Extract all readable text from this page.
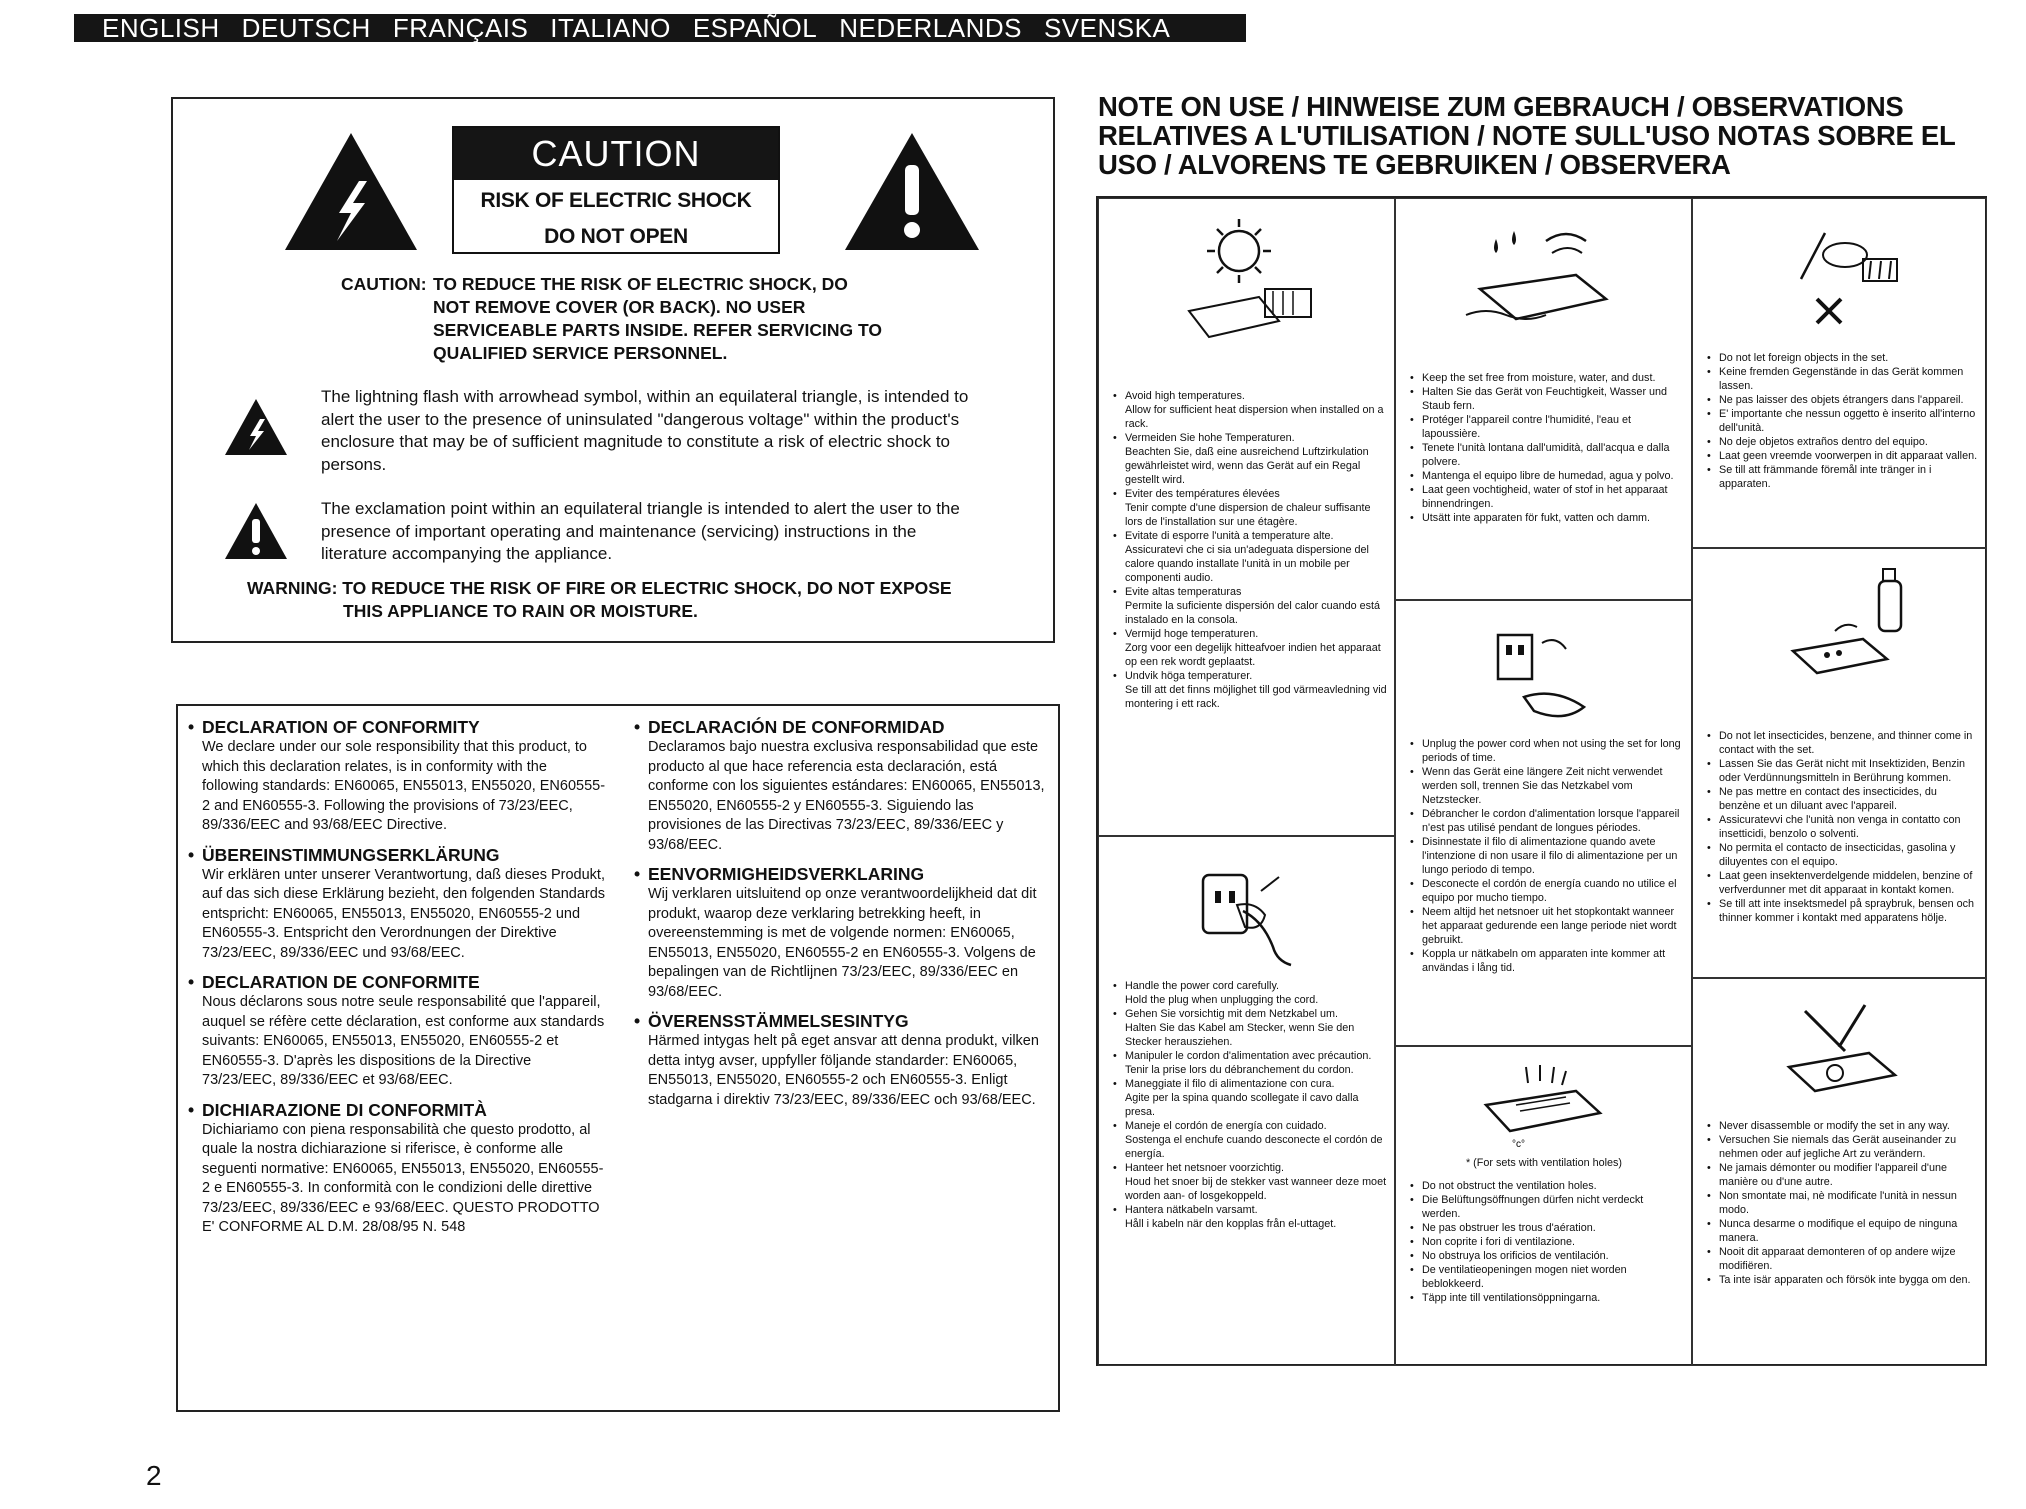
ENGLISH DEUTSCH FRANÇAIS ITALIANO ESPAÑOL NEDERLANDS SVENSKA
CAUTION
RISK OF ELECTRIC SHOCK
DO NOT OPEN
CAUTION: TO REDUCE THE RISK OF ELECTRIC SHOCK, DO NOT REMOVE COVER (OR BACK). NO USER SERVICEABLE PARTS INSIDE. REFER SERVICING TO QUALIFIED SERVICE PERSONNEL.
The lightning flash with arrowhead symbol, within an equilateral triangle, is intended to alert the user to the presence of uninsulated "dangerous voltage" within the product's enclosure that may be of sufficient magnitude to constitute a risk of electric shock to persons.
The exclamation point within an equilateral triangle is intended to alert the user to the presence of important operating and maintenance (servicing) instructions in the literature accompanying the appliance.
WARNING: TO REDUCE THE RISK OF FIRE OR ELECTRIC SHOCK, DO NOT EXPOSE
THIS APPLIANCE TO RAIN OR MOISTURE.
• DECLARATION OF CONFORMITY

We declare under our sole responsibility that this product, to which this declaration relates, is in conformity with the following standards: EN60065, EN55013, EN55020, EN60555-2 and EN60555-3. Following the provisions of 73/23/EEC, 89/336/EEC and 93/68/EEC Directive.

• ÜBEREINSTIMMUNGSERKLÄRUNG

Wir erklären unter unserer Verantwortung, daß dieses Produkt, auf das sich diese Erklärung bezieht, den folgenden Standards entspricht: EN60065, EN55013, EN55020, EN60555-2 und EN60555-3. Entspricht den Verordnungen der Direktive 73/23/EEC, 89/336/EEC und 93/68/EEC.

• DECLARATION DE CONFORMITE

Nous déclarons sous notre seule responsabilité que l'appareil, auquel se réfère cette déclaration, est conforme aux standards suivants: EN60065, EN55013, EN55020, EN60555-2 et EN60555-3. D'après les dispositions de la Directive 73/23/EEC, 89/336/EEC et 93/68/EEC.

• DICHIARAZIONE DI CONFORMITÀ

Dichiariamo con piena responsabilità che questo prodotto, al quale la nostra dichiarazione si riferisce, è conforme alle seguenti normative: EN60065, EN55013, EN55020, EN60555-2 e EN60555-3. In conformità con le condizioni delle direttive 73/23/EEC, 89/336/EEC e 93/68/EEC. QUESTO PRODOTTO E' CONFORME AL D.M. 28/08/95 N. 548

• DECLARACIÓN DE CONFORMIDAD

Declaramos bajo nuestra exclusiva responsabilidad que este producto al que hace referencia esta declaración, está conforme con los siguientes estándares: EN60065, EN55013, EN55020, EN60555-2 y EN60555-3. Siguiendo las provisiones de las Directivas 73/23/EEC, 89/336/EEC y 93/68/EEC.

• EENVORMIGHEIDSVERKLARING

Wij verklaren uitsluitend op onze verantwoordelijkheid dat dit produkt, waarop deze verklaring betrekking heeft, in overeenstemming is met de volgende normen: EN60065, EN55013, EN55020, EN60555-2 en EN60555-3. Volgens de bepalingen van de Richtlijnen 73/23/EEC, 89/336/EEC en 93/68/EEC.

• ÖVERENSSTÄMMELSESINTYG

Härmed intygas helt på eget ansvar att denna produkt, vilken detta intyg avser, uppfyller följande standarder: EN60065, EN55013, EN55020, EN60555-2 och EN60555-3. Enligt stadgarna i direktiv 73/23/EEC, 89/336/EEC och 93/68/EEC.

NOTE ON USE / HINWEISE ZUM GEBRAUCH / OBSERVATIONS RELATIVES A L'UTILISATION / NOTE SULL'USO NOTAS SOBRE EL USO / ALVORENS TE GEBRUIKEN / OBSERVERA
• Avoid high temperatures.
Allow for sufficient heat dispersion when installed on a rack.
• Vermeiden Sie hohe Temperaturen.
Beachten Sie, daß eine ausreichend Luftzirkulation gewährleistet wird, wenn das Gerät auf ein Regal gestellt wird.
• Eviter des températures élevées
Tenir compte d'une dispersion de chaleur suffisante lors de l'installation sur une étagère.
• Evitate di esporre l'unità a temperature alte.
Assicuratevi che ci sia un'adeguata dispersione del calore quando installate l'unità in un mobile per componenti audio.
• Evite altas temperaturas
Permite la suficiente dispersión del calor cuando está instalado en la consola.
• Vermijd hoge temperaturen.
Zorg voor een degelijk hitteafvoer indien het apparaat op een rek wordt geplaatst.
• Undvik höga temperaturer.
Se till att det finns möjlighet till god värmeavledning vid montering i ett rack.
• Handle the power cord carefully.
Hold the plug when unplugging the cord.
• Gehen Sie vorsichtig mit dem Netzkabel um.
Halten Sie das Kabel am Stecker, wenn Sie den Stecker herausziehen.
• Manipuler le cordon d'alimentation avec précaution.
Tenir la prise lors du débranchement du cordon.
• Maneggiate il filo di alimentazione con cura.
Agite per la spina quando scollegate il cavo dalla presa.
• Maneje el cordón de energía con cuidado.
Sostenga el enchufe cuando desconecte el cordón de energía.
• Hanteer het netsnoer voorzichtig.
Houd het snoer bij de stekker vast wanneer deze moet worden aan- of losgekoppeld.
• Hantera nätkabeln varsamt.
Håll i kabeln när den kopplas från el-uttaget.
• Keep the set free from moisture, water, and dust.
• Halten Sie das Gerät von Feuchtigkeit, Wasser und Staub fern.
• Protéger l'appareil contre l'humidité, l'eau et lapoussière.
• Tenete l'unità lontana dall'umidità, dall'acqua e dalla polvere.
• Mantenga el equipo libre de humedad, agua y polvo.
• Laat geen vochtigheid, water of stof in het apparaat binnendringen.
• Utsätt inte apparaten för fukt, vatten och damm.
• Unplug the power cord when not using the set for long periods of time.
• Wenn das Gerät eine längere Zeit nicht verwendet werden soll, trennen Sie das Netzkabel vom Netzstecker.
• Débrancher le cordon d'alimentation lorsque l'appareil n'est pas utilisé pendant de longues périodes.
• Disinnestate il filo di alimentazione quando avete l'intenzione di non usare il filo di alimentazione per un lungo periodo di tempo.
• Desconecte el cordón de energía cuando no utilice el equipo por mucho tiempo.
• Neem altijd het netsnoer uit het stopkontakt wanneer het apparaat gedurende een lange periode niet wordt gebruikt.
• Koppla ur nätkabeln om apparaten inte kommer att användas i lång tid.
°c°
* (For sets with ventilation holes)
• Do not obstruct the ventilation holes.
• Die Belüftungsöffnungen dürfen nicht verdeckt werden.
• Ne pas obstruer les trous d'aération.
• Non coprite i fori di ventilazione.
• No obstruya los orificios de ventilación.
• De ventilatieopeningen mogen niet worden beblokkeerd.
• Täpp inte till ventilationsöppningarna.
• Do not let foreign objects in the set.
• Keine fremden Gegenstände in das Gerät kommen lassen.
• Ne pas laisser des objets étrangers dans l'appareil.
• E' importante che nessun oggetto è inserito all'interno dell'unità.
• No deje objetos extraños dentro del equipo.
• Laat geen vreemde voorwerpen in dit apparaat vallen.
• Se till att främmande föremål inte tränger in i apparaten.
• Do not let insecticides, benzene, and thinner come in contact with the set.
• Lassen Sie das Gerät nicht mit Insektiziden, Benzin oder Verdünnungsmitteln in Berührung kommen.
• Ne pas mettre en contact des insecticides, du benzène et un diluant avec l'appareil.
• Assicuratevvi che l'unità non venga in contatto con insetticidi, benzolo o solventi.
• No permita el contacto de insecticidas, gasolina y diluyentes con el equipo.
• Laat geen insektenverdelgende middelen, benzine of verfverdunner met dit apparaat in kontakt komen.
• Se till att inte insektsmedel på spraybruk, bensen och thinner kommer i kontakt med apparatens hölje.
• Never disassemble or modify the set in any way.
• Versuchen Sie niemals das Gerät auseinander zu nehmen oder auf jegliche Art zu verändern.
• Ne jamais démonter ou modifier l'appareil d'une manière ou d'une autre.
• Non smontate mai, nè modificate l'unità in nessun modo.
• Nunca desarme o modifique el equipo de ninguna manera.
• Nooit dit apparaat demonteren of op andere wijze modifiëren.
• Ta inte isär apparaten och försök inte bygga om den.
2
